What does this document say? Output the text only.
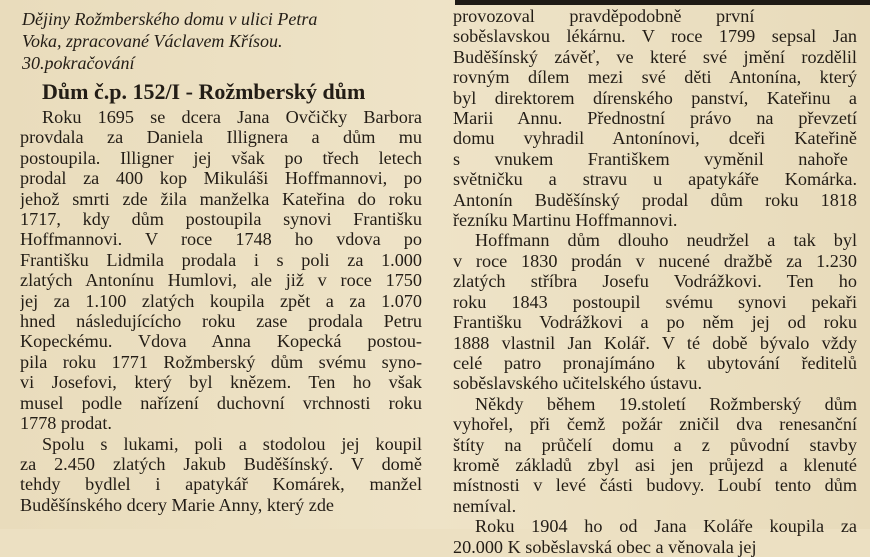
Dějiny Rožmberského domu v ulici Petra
Voka, zpracované Václavem Křísou.
30.pokračování
Dům č.p. 152/I - Rožmberský dům
Roku 1695 se dcera Jana Ovčičky Barbora
provdala za Daniela Illignera a dům mu
postoupila. Illigner jej však po třech letech
prodal za 400 kop Mikuláši Hoffmannovi, po
jehož smrti zde žila manželka Kateřina do roku
1717, kdy dům postoupila synovi Františku
Hoffmannovi. V roce 1748 ho vdova po
Františku Lidmila prodala i s poli za 1.000
zlatých Antonínu Humlovi, ale již v roce 1750
jej za 1.100 zlatých koupila zpět a za 1.070
hned následujícícho roku zase prodala Petru
Kopeckému. Vdova Anna Kopecká postou-
pila roku 1771 Rožmberský dům svému syno-
vi Josefovi, který byl knězem. Ten ho však
musel podle nařízení duchovní vrchnosti roku
1778 prodat.
Spolu s lukami, poli a stodolou jej koupil
za 2.450 zlatých Jakub Buděšínský. V domě
tehdy bydlel i apatykář Komárek, manžel
Buděšínského dcery Marie Anny, který zde
provozoval pravděpodobně první
soběslavskou lékárnu. V roce 1799 sepsal Jan
Buděšínský závěť, ve které své jmění rozdělil
rovným dílem mezi své děti Antonína, který
byl direktorem dírenského panství, Kateřinu a
Marii Annu. Přednostní právo na převzetí
domu vyhradil Antonínovi, dceři Kateřině
s vnukem Františkem vyměnil nahoře
světničku a stravu u apatykáře Komárka.
Antonín Buděšínský prodal dům roku 1818
řezníku Martinu Hoffmannovi.
Hoffmann dům dlouho neudržel a tak byl
v roce 1830 prodán v nucené dražbě za 1.230
zlatých stříbra Josefu Vodrážkovi. Ten ho
roku 1843 postoupil svému synovi pekaři
Františku Vodrážkovi a po něm jej od roku
1888 vlastnil Jan Kolář. V té době bývalo vždy
celé patro pronajímáno k ubytování ředitelů
soběslavského učitelského ústavu.
Někdy během 19.století Rožmberský dům
vyhořel, při čemž požár zničil dva renesanční
štíty na průčelí domu a z původní stavby
kromě základů zbyl asi jen průjezd a klenuté
místnosti v levé části budovy. Loubí tento dům
nemíval.
Roku 1904 ho od Jana Koláře koupila za
20.000 K soběslavská obec a věnovala jej
